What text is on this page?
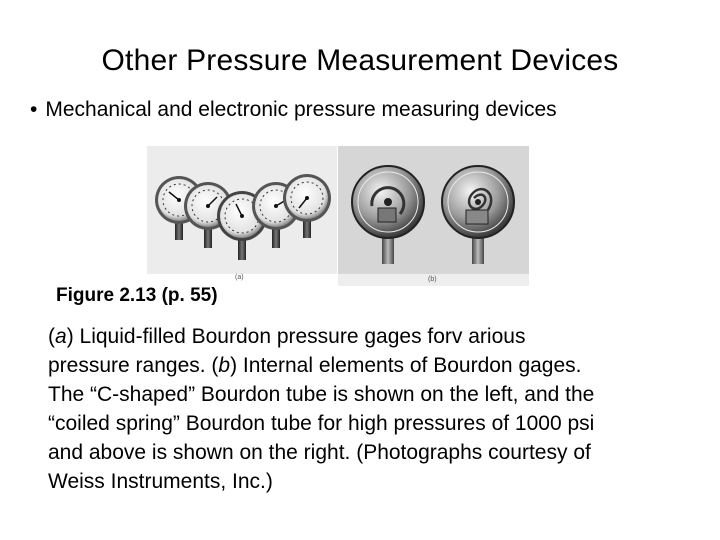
Other Pressure Measurement Devices
• Mechanical and electronic pressure measuring devices
(a)	(b)
Figure 2.13 (p. 55)
(a) Liquid-filled Bourdon pressure gages forv arious
pressure ranges. (b) Internal elements of Bourdon gages.
The “C-shaped” Bourdon tube is shown on the left, and the
“coiled spring” Bourdon tube for high pressures of 1000 psi
and above is shown on the right. (Photographs courtesy of
Weiss Instruments, Inc.)
